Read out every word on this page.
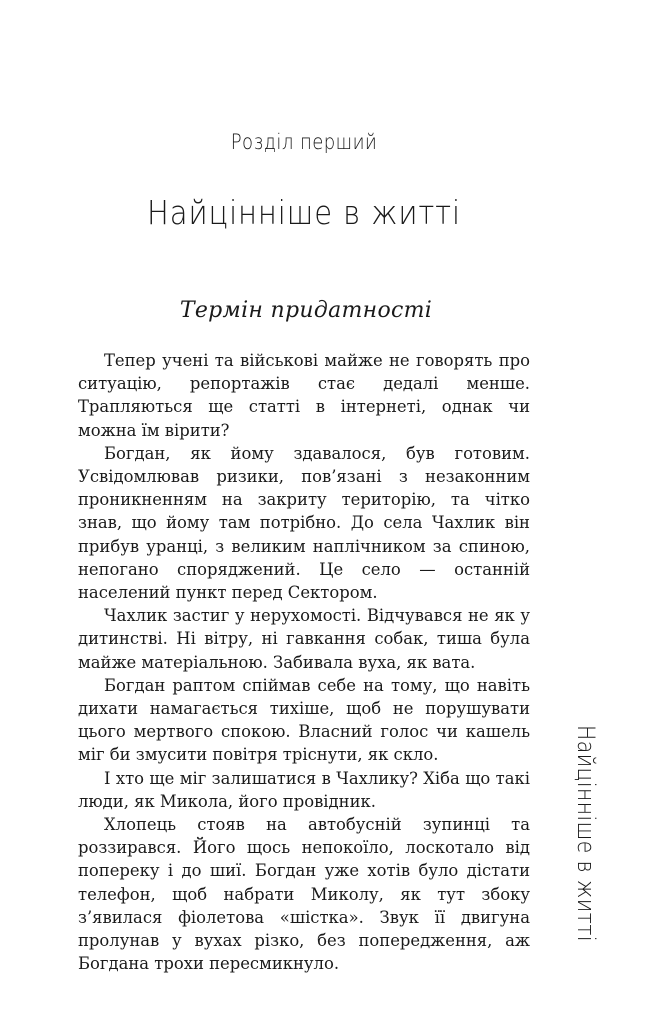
Розділ перший
Найцінніше в житті
Термін придатності

Тепер учені та військові майже не говорять про ситуацію, репортажів стає дедалі менше. Трапляються ще статті в інтернеті, однак чи можна їм вірити?

Богдан, як йому здавалося, був готовим. Усвідомлював ризики, пов’язані з незаконним проникненням на закриту територію, та чітко знав, що йому там потрібно. До села Чахлик він прибув уранці, з великим наплічником за спиною, непогано споряджений. Це село — останній населений пункт перед Сектором.

Чахлик застиг у нерухомості. Відчувався не як у дитинстві. Ні вітру, ні гавкання собак, тиша була майже матеріальною. Забивала вуха, як вата.

Богдан раптом спіймав себе на тому, що навіть дихати намагається тихіше, щоб не порушувати цього мертвого спокою. Власний голос чи кашель міг би змусити повітря тріснути, як скло.

І хто ще міг залишатися в Чахлику? Хіба що такі люди, як Микола, його провідник.

Хлопець стояв на автобусній зупинці та роззирався. Його щось непокоїло, лоскотало від попереку і до шиї. Богдан уже хотів було дістати телефон, щоб набрати Миколу, як тут збоку з’явилася фіолетова «шістка». Звук її двигуна пролунав у вухах різко, без попередження, аж Богдана трохи пересмикнуло.

Найцінніше в житті
